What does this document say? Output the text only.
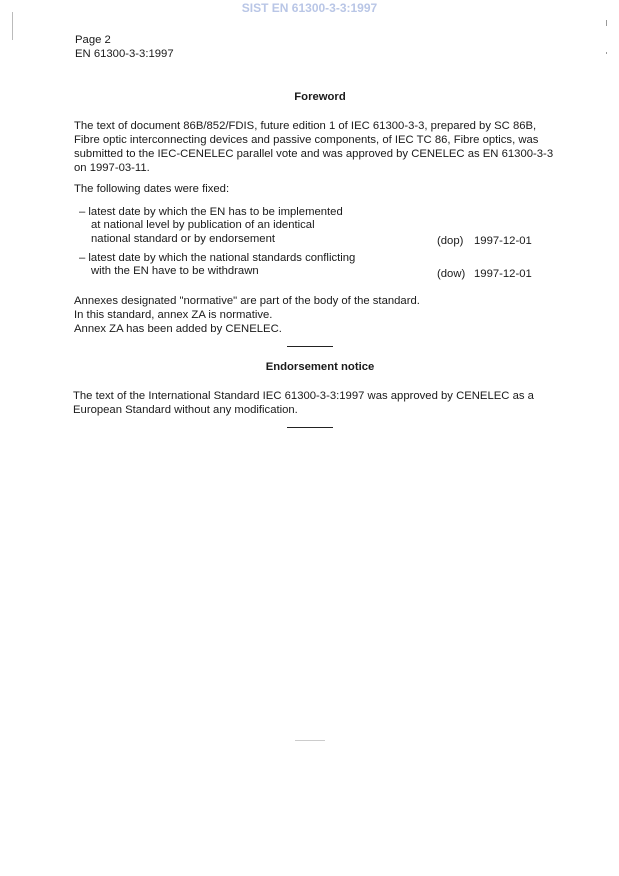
SIST EN 61300-3-3:1997
Page 2
EN 61300-3-3:1997
Foreword
The text of document 86B/852/FDIS, future edition 1 of IEC 61300-3-3, prepared by SC 86B,
Fibre optic interconnecting devices and passive components, of IEC TC 86, Fibre optics, was
submitted to the IEC-CENELEC parallel vote and was approved by CENELEC as EN 61300-3-3
on 1997-03-11.
The following dates were fixed:
– latest date by which the EN has to be implemented
at national level by publication of an identical
national standard or by endorsement	(dop) 1997-12-01
– latest date by which the national standards conflicting
with the EN have to be withdrawn	(dow) 1997-12-01
Annexes designated "normative" are part of the body of the standard.
In this standard, annex ZA is normative.
Annex ZA has been added by CENELEC.
Endorsement notice
The text of the International Standard IEC 61300-3-3:1997 was approved by CENELEC as a
European Standard without any modification.
